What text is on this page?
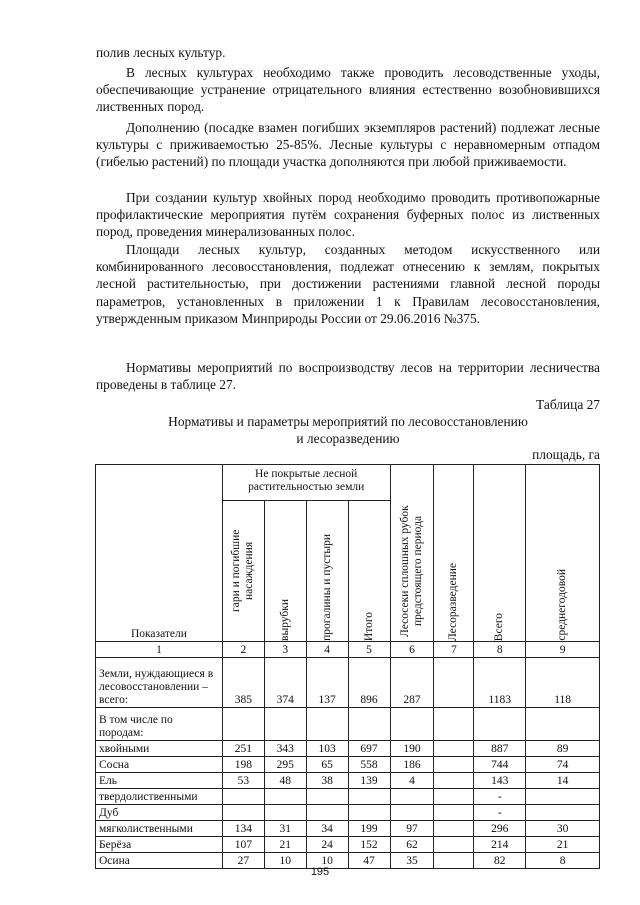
полив лесных культур.

В лесных культурах необходимо также проводить лесоводственные уходы, обеспечивающие устранение отрицательного влияния естественно возобновившихся лиственных пород.

Дополнению (посадке взамен погибших экземпляров растений) подлежат лесные культуры с приживаемостью 25-85%. Лесные культуры с неравномерным отпадом (гибелью растений) по площади участка дополняются при любой приживаемости.

При создании культур хвойных пород необходимо проводить противопожарные профилактические мероприятия путём сохранения буферных полос из лиственных пород, проведения минерализованных полос.

Площади лесных культур, созданных методом искусственного или комбинированного лесовосстановления, подлежат отнесению к землям, покрытых лесной растительностью, при достижении растениями главной лесной породы параметров, установленных в приложении 1 к Правилам лесовосстановления, утвержденным приказом Минприроды России от 29.06.2016 №375.

Нормативы мероприятий по воспроизводству лесов на территории лесничества проведены в таблице 27.

Таблица 27
Нормативы и параметры мероприятий по лесовосстановлению
и лесоразведению
площадь, га
Показатели	Не покрытые лесной растительностью земли				Лесосеки сплошных рубок предстоящего периода	Лесоразведение	Всего	среднегодовой

	гари и погибшие насаждения	вырубки	прогалины и пустыри	Итого				

1	2	3	4	5	6	7	8	9
Земли, нуждающиеся в лесовосстановлении – всего:	385	374	137	896	287		1183	118
В том числе по породам:								
хвойными	251	343	103	697	190		887	89
Сосна	198	295	65	558	186		744	74
Ель	53	48	38	139	4		143	14
твердолиственными							-	
Дуб							-	
мягколиственными	134	31	34	199	97		296	30
Берёза	107	21	24	152	62		214	21
Осина	27	10	10	47	35		82	8
195
